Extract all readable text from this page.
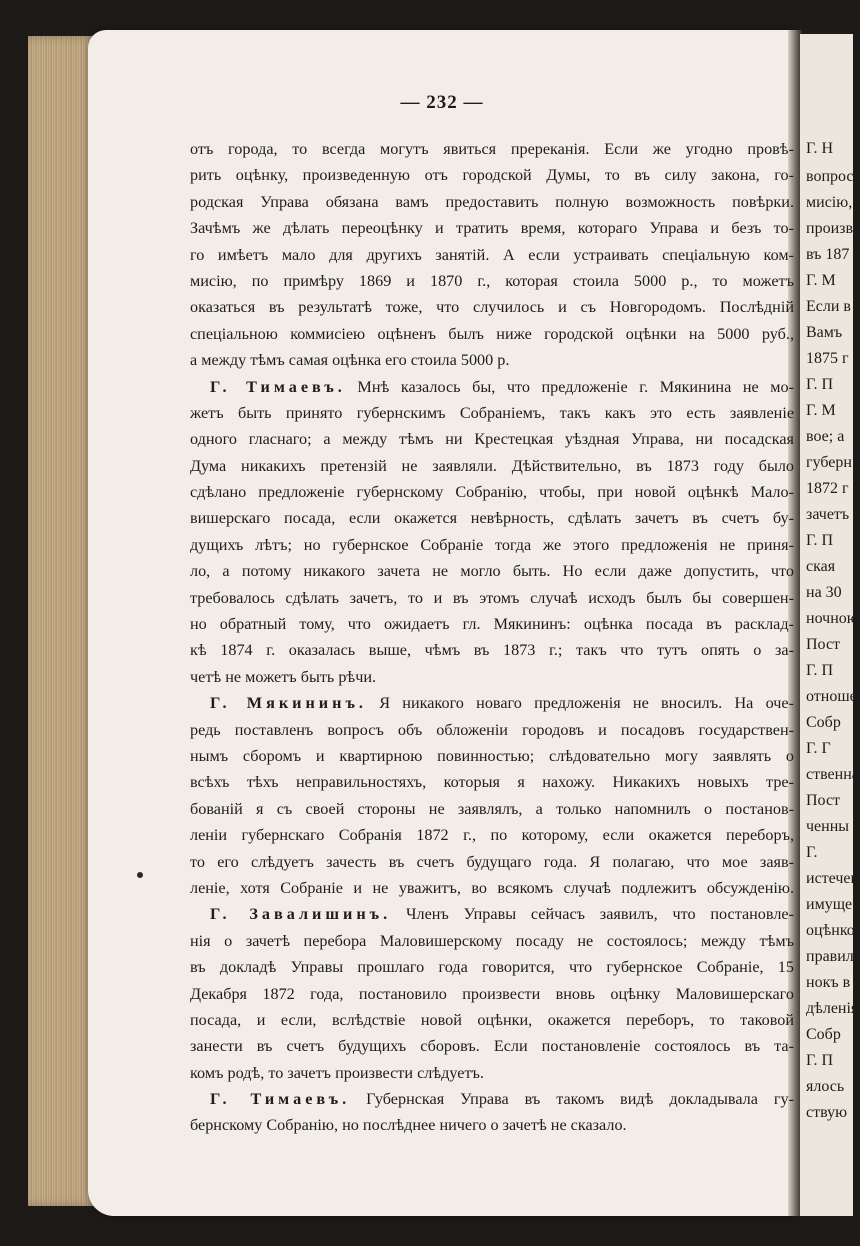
Г. Н
вопрос
мисію,
произве
въ 187
Г. М
Если в
Вамъ
1875 г
Г. П
Г. М
вое; а
губерн
1872 г
зачетъ
Г. П
ская
на 30
ночною
Пост
Г. П
отноше
Собр
Г. Г
ственна
Пост
ченны
Г.
истечен
имущес
оцѣнко
правил
нокъ в
дѣленія
Собр
Г. П
ялось
ствую
— 232 —
отъ города, то всегда могутъ явиться пререканія. Если же угодно провѣ-
рить оцѣнку, произведенную отъ городской Думы, то въ силу закона, го-
родская Управа обязана вамъ предоставить полную возможность повѣрки.
Зачѣмъ же дѣлать переоцѣнку и тратить время, котораго Управа и безъ то-
го имѣетъ мало для другихъ занятій. А если устраивать спеціальную ком-
мисію, по примѣру 1869 и 1870 г., которая стоила 5000 р., то можетъ
оказаться въ результатѣ тоже, что случилось и съ Новгородомъ. Послѣдній
спеціальною коммисіею оцѣненъ былъ ниже городской оцѣнки на 5000 руб.,
а между тѣмъ самая оцѣнка его стоила 5000 р.
Г. Тимаевъ. Мнѣ казалось бы, что предложеніе г. Мякинина не мо-
жетъ быть принято губернскимъ Собраніемъ, такъ какъ это есть заявленіе
одного гласнаго; а между тѣмъ ни Крестецкая уѣздная Управа, ни посадская
Дума никакихъ претензій не заявляли. Дѣйствительно, въ 1873 году было
сдѣлано предложеніе губернскому Собранію, чтобы, при новой оцѣнкѣ Мало-
вишерскаго посада, если окажется невѣрность, сдѣлать зачетъ въ счетъ бу-
дущихъ лѣтъ; но губернское Собраніе тогда же этого предложенія не приня-
ло, а потому никакого зачета не могло быть. Но если даже допустить, что
требовалось сдѣлать зачетъ, то и въ этомъ случаѣ исходъ былъ бы совершен-
но обратный тому, что ожидаетъ гл. Мякининъ: оцѣнка посада въ расклад-
кѣ 1874 г. оказалась выше, чѣмъ въ 1873 г.; такъ что тутъ опять о за-
четѣ не можетъ быть рѣчи.
Г. Мякининъ. Я никакого новаго предложенія не вносилъ. На оче-
редь поставленъ вопросъ объ обложеніи городовъ и посадовъ государствен-
нымъ сборомъ и квартирною повинностью; слѣдовательно могу заявлять о
всѣхъ тѣхъ неправильностяхъ, которыя я нахожу. Никакихъ новыхъ тре-
бованій я съ своей стороны не заявлялъ, а только напомнилъ о постанов-
леніи губернскаго Собранія 1872 г., по которому, если окажется переборъ,
то его слѣдуетъ зачесть въ счетъ будущаго года. Я полагаю, что мое заяв-
леніе, хотя Собраніе и не уважитъ, во всякомъ случаѣ подлежитъ обсужденію.
Г. Завалишинъ. Членъ Управы сейчасъ заявилъ, что постановле-
нія о зачетѣ перебора Маловишерскому посаду не состоялось; между тѣмъ
въ докладѣ Управы прошлаго года говорится, что губернское Собраніе, 15
Декабря 1872 года, постановило произвести вновь оцѣнку Маловишерскаго
посада, и если, вслѣдствіе новой оцѣнки, окажется переборъ, то таковой
занести въ счетъ будущихъ сборовъ. Если постановленіе состоялось въ та-
комъ родѣ, то зачетъ произвести слѣдуетъ.
Г. Тимаевъ. Губернская Управа въ такомъ видѣ докладывала гу-
бернскому Собранію, но послѣднее ничего о зачетѣ не сказало.
